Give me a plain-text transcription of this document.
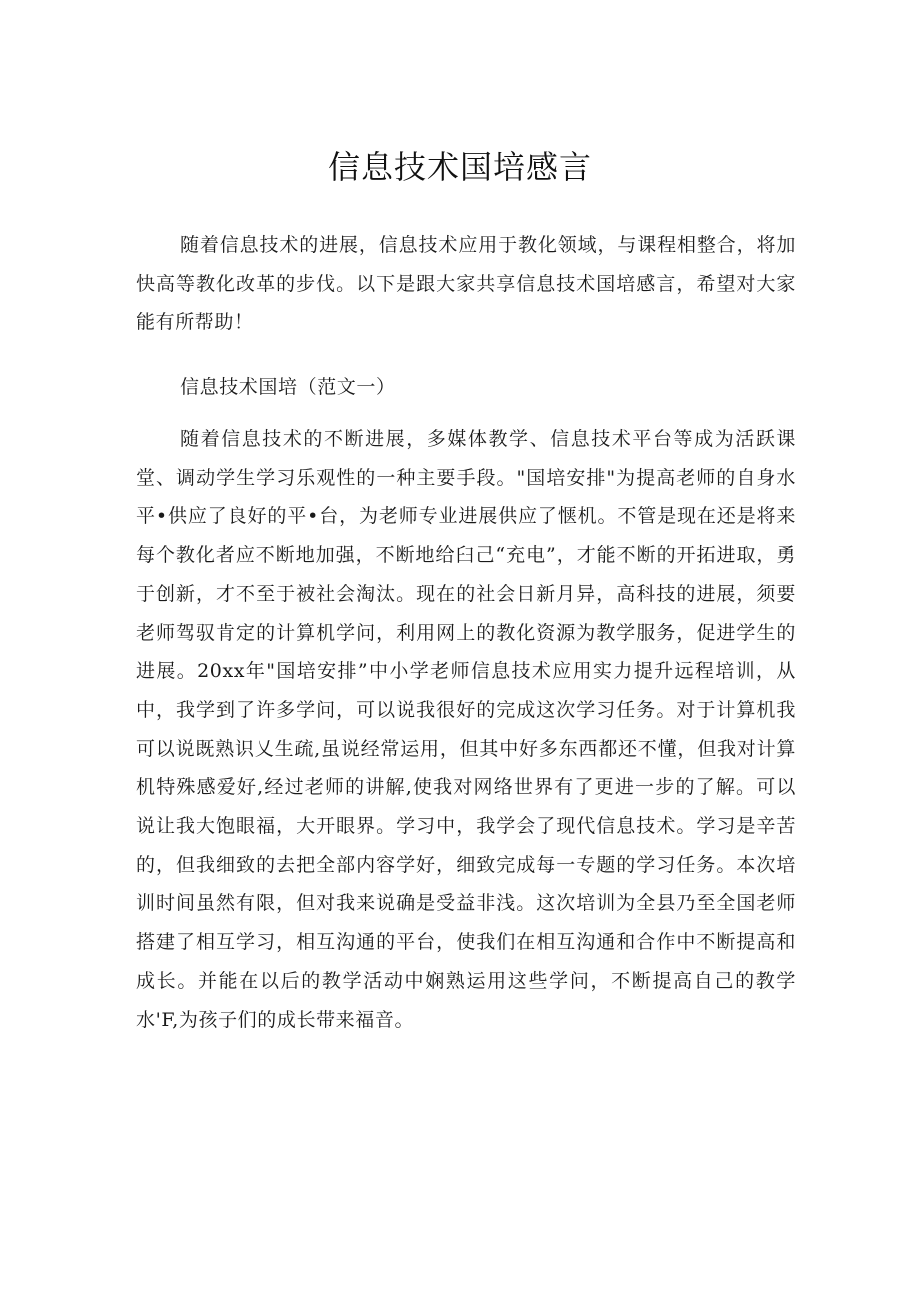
信息技术国培感言

随着信息技术的进展，信息技术应用于教化领域，与课程相整合，将加快高等教化改革的步伐。以下是跟大家共享信息技术国培感言，希望对大家能有所帮助！

信息技术国培（范文一）

随着信息技术的不断进展，多媒体教学、信息技术平台等成为活跃课堂、调动学生学习乐观性的一种主要手段。"国培安排"为提高老师的自身水平•供应了良好的平•台，为老师专业进展供应了惬机。不管是现在还是将来每个教化者应不断地加强，不断地给臼己“充电”，才能不断的开拓进取，勇于创新，才不至于被社会淘汰。现在的社会日新月异，高科技的进展，须要老师驾驭肯定的计算机学问，利用网上的教化资源为教学服务，促进学生的进展。20xx年"国培安排”中小学老师信息技术应用实力提升远程培训，从中，我学到了许多学问，可以说我很好的完成这次学习任务。对于计算机我可以说既熟识乂生疏,虽说经常运用，但其中好多东西都还不懂，但我对计算机特殊感爱好,经过老师的讲解,使我对网络世界有了更进一步的了解。可以说让我大饱眼福，大开眼界。学习中，我学会了现代信息技术。学习是辛苦的，但我细致的去把全部内容学好，细致完成每一专题的学习任务。本次培训时间虽然有限，但对我来说确是受益非浅。这次培训为全县乃至全国老师搭建了相互学习，相互沟通的平台，使我们在相互沟通和合作中不断提高和成长。并能在以后的教学活动中娴熟运用这些学问，不断提高自己的教学水'F,为孩子们的成长带来福音。
